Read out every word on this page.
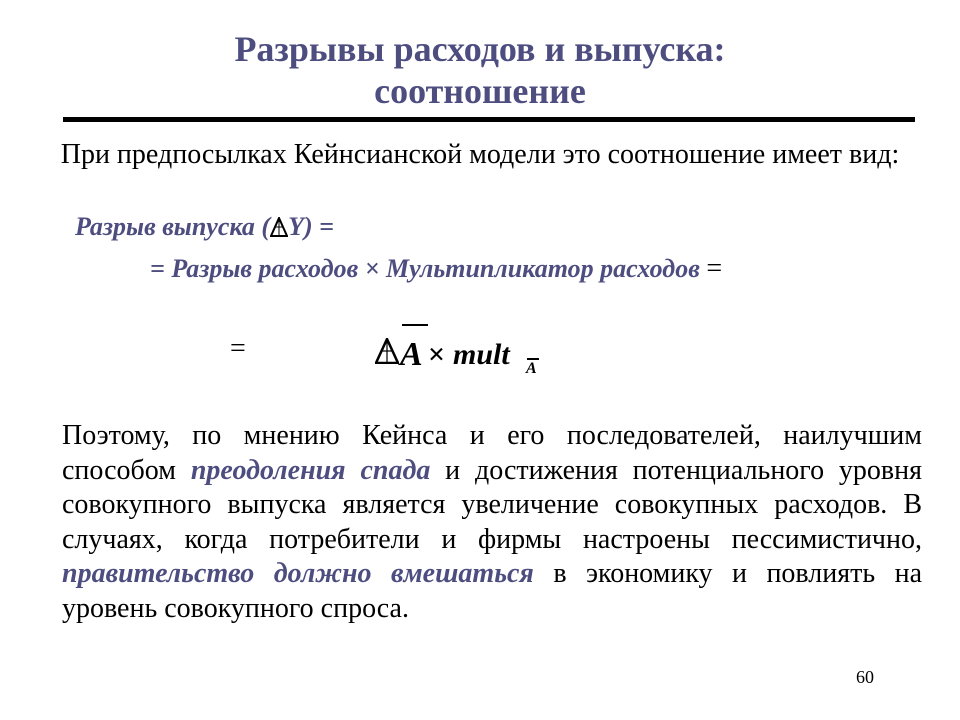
Разрывы расходов и выпуска:
соотношение
При предпосылках Кейнсианской модели это соотношение имеет вид:
Разрыв выпуска ( Y) =
= Разрыв расходов × Мультипликатор расходов =
=	A × mult A
Поэтому, по мнению Кейнса и его последователей, наилучшим способом преодоления спада и достижения потенциального уровня совокупного выпуска является увеличение совокупных расходов. В случаях, когда потребители и фирмы настроены пессимистично, правительство должно вмешаться в экономику и повлиять на уровень совокупного спроса.
60
